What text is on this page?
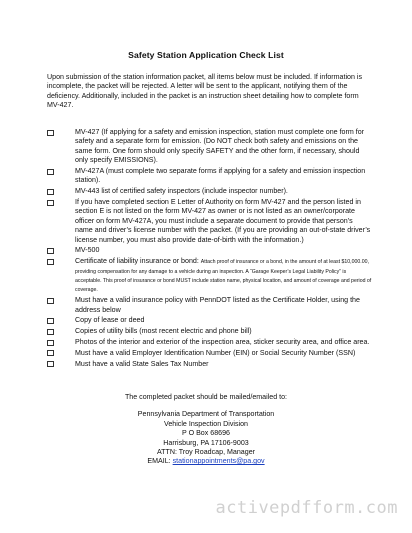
Safety Station Application Check List
Upon submission of the station information packet, all items below must be included. If information is incomplete, the packet will be rejected. A letter will be sent to the applicant, notifying them of the deficiency. Additionally, included in the packet is an instruction sheet detailing how to complete form MV-427.
MV-427 (If applying for a safety and emission inspection, station must complete one form for safety and a separate form for emission. (Do NOT check both safety and emissions on the same form. One form should only specify SAFETY and the other form, if necessary, should only specify EMISSIONS).
MV-427A (must complete two separate forms if applying for a safety and emission inspection station).
MV-443 list of certified safety inspectors (include inspector number).
If you have completed section E Letter of Authority on form MV-427 and the person listed in section E is not listed on the form MV-427 as owner or is not listed as an owner/corporate officer on form MV-427A, you must include a separate document to provide that person’s name and driver’s license number with the packet. (If you are providing an out-of-state driver’s license number, you must also provide date-of-birth with the information.)
MV-500
Certificate of liability insurance or bond: Attach proof of insurance or a bond, in the amount of at least $10,000.00, providing compensation for any damage to a vehicle during an inspection. A “Garage Keeper’s Legal Liability Policy” is acceptable. This proof of insurance or bond MUST include station name, physical location, and amount of coverage and period of coverage.
Must have a valid insurance policy with PennDOT listed as the Certificate Holder, using the address below
Copy of lease or deed
Copies of utility bills (most recent electric and phone bill)
Photos of the interior and exterior of the inspection area, sticker security area, and office area.
Must have a valid Employer Identification Number (EIN) or Social Security Number (SSN)
Must have a valid State Sales Tax Number
The completed packet should be mailed/emailed to:
Pennsylvania Department of Transportation
Vehicle Inspection Division
P O Box 68696
Harrisburg, PA 17106-9003
ATTN: Troy Roadcap, Manager
EMAIL: stationappointments@pa.gov
activepdfform.com
